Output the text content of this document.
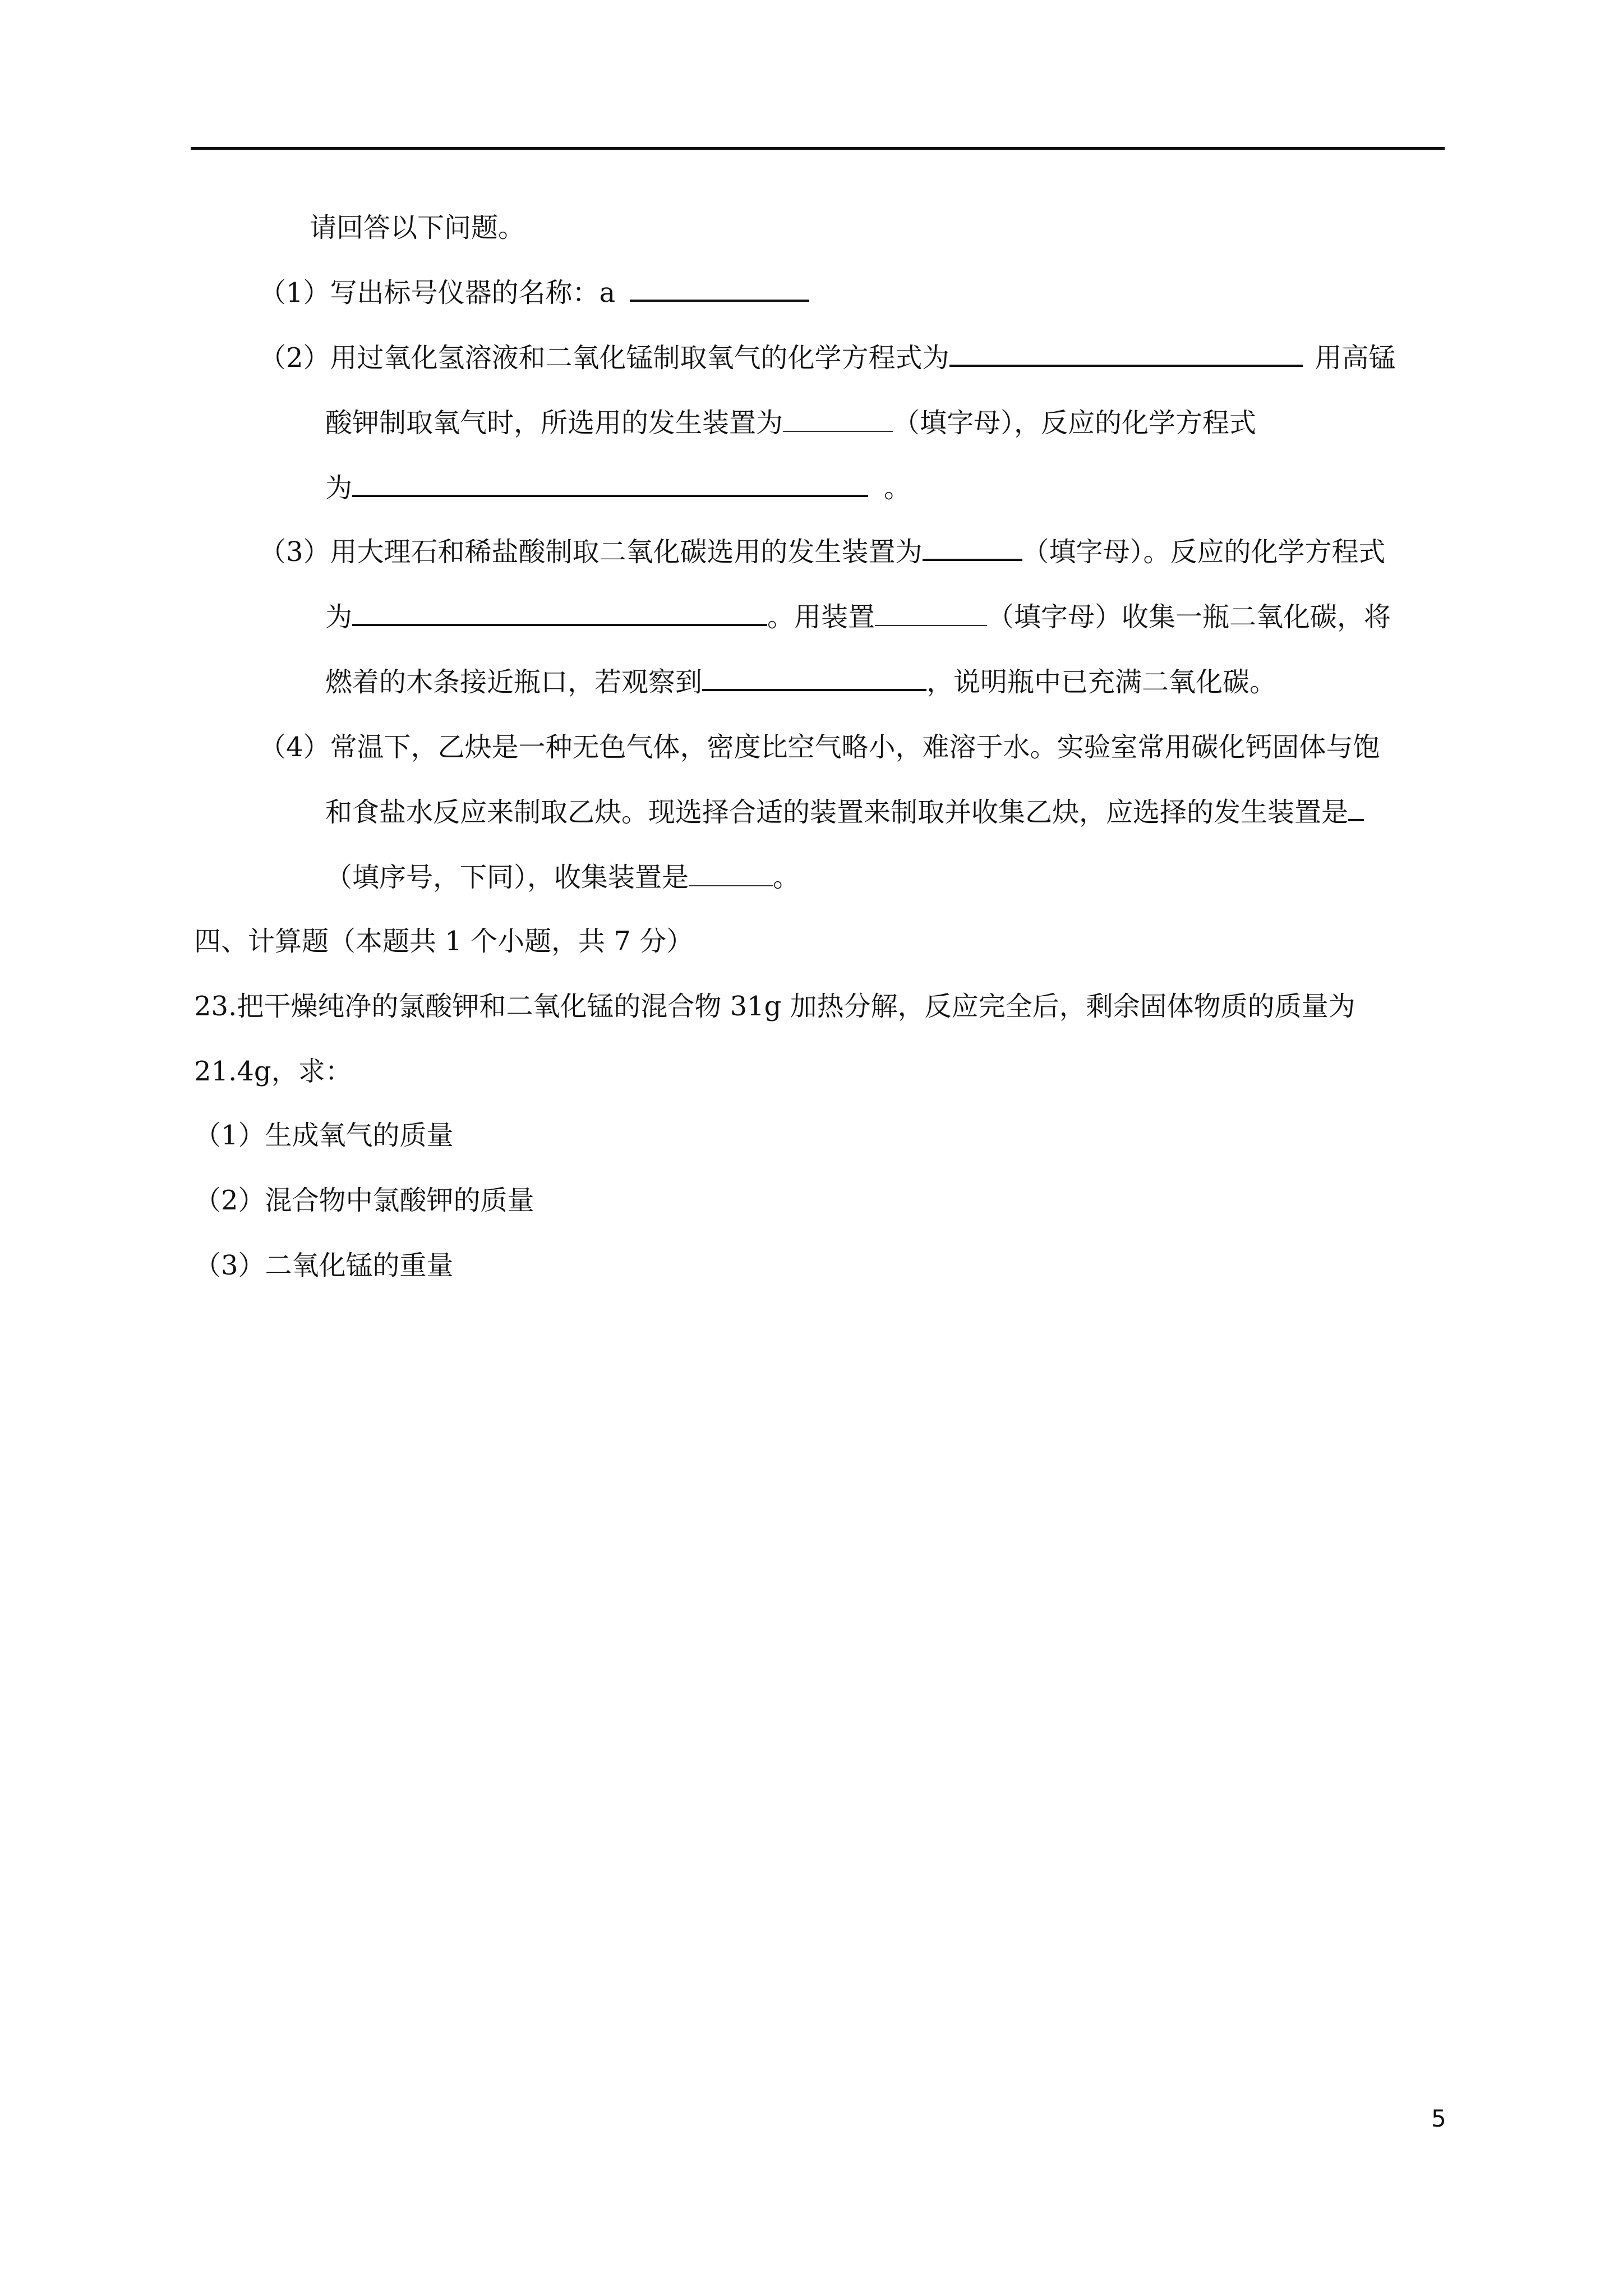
请回答以下问题。
（1）写出标号仪器的名称：a
（2）用过氧化氢溶液和二氧化锰制取氧气的化学方程式为	用高锰
酸钾制取氧气时，所选用的发生装置为	（填字母），反应的化学方程式
为	。
（3）用大理石和稀盐酸制取二氧化碳选用的发生装置为	（填字母）。反应的化学方程式
为	。用装置	（填字母）收集一瓶二氧化碳，将
燃着的木条接近瓶口，若观察到	，说明瓶中已充满二氧化碳。
（4）常温下，乙炔是一种无色气体，密度比空气略小，难溶于水。实验室常用碳化钙固体与饱
和食盐水反应来制取乙炔。现选择合适的装置来制取并收集乙炔，应选择的发生装置是
（填序号，下同），收集装置是	。
四、计算题（本题共 1 个小题，共 7 分）
23.把干燥纯净的氯酸钾和二氧化锰的混合物 31g 加热分解，反应完全后，剩余固体物质的质量为
21.4g，求：
（1）生成氧气的质量
（2）混合物中氯酸钾的质量
（3）二氧化锰的重量
5
